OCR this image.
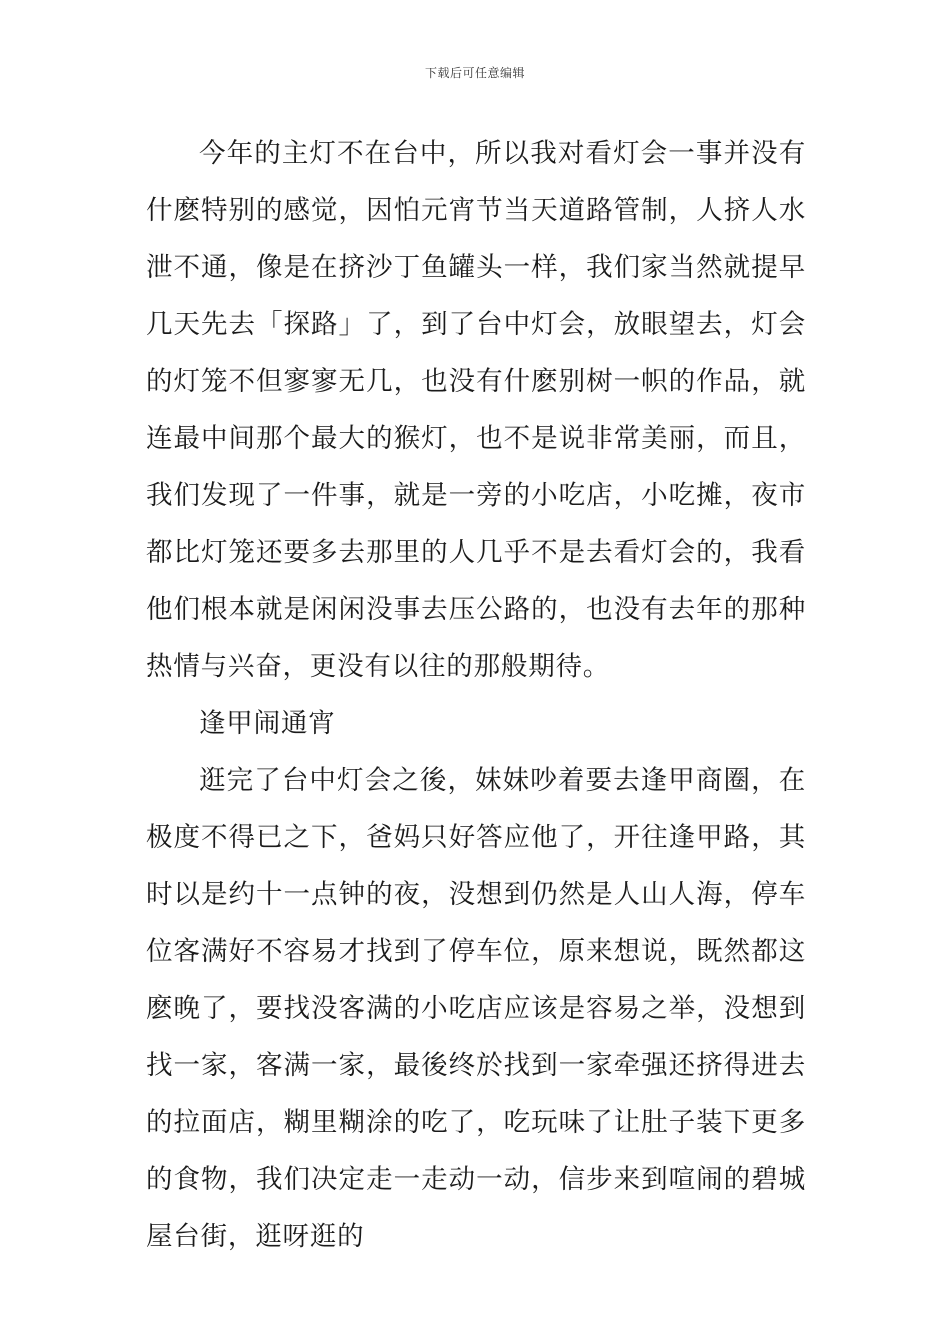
下载后可任意编辑

今年的主灯不在台中，所以我对看灯会一事并没有什麽特别的感觉，因怕元宵节当天道路管制，人挤人水泄不通，像是在挤沙丁鱼罐头一样，我们家当然就提早几天先去「探路」了，到了台中灯会，放眼望去，灯会的灯笼不但寥寥无几，也没有什麽别树一帜的作品，就连最中间那个最大的猴灯，也不是说非常美丽，而且，我们发现了一件事，就是一旁的小吃店，小吃摊，夜市都比灯笼还要多去那里的人几乎不是去看灯会的，我看他们根本就是闲闲没事去压公路的，也没有去年的那种热情与兴奋，更没有以往的那般期待。

逢甲闹通宵

逛完了台中灯会之後，妹妹吵着要去逢甲商圈，在极度不得已之下，爸妈只好答应他了，开往逢甲路，其时以是约十一点钟的夜，没想到仍然是人山人海，停车位客满好不容易才找到了停车位，原来想说，既然都这麽晚了，要找没客满的小吃店应该是容易之举，没想到找一家，客满一家，最後终於找到一家牵强还挤得进去的拉面店，糊里糊涂的吃了，吃玩味了让肚子装下更多的食物，我们决定走一走动一动，信步来到喧闹的碧城屋台街，逛呀逛的
